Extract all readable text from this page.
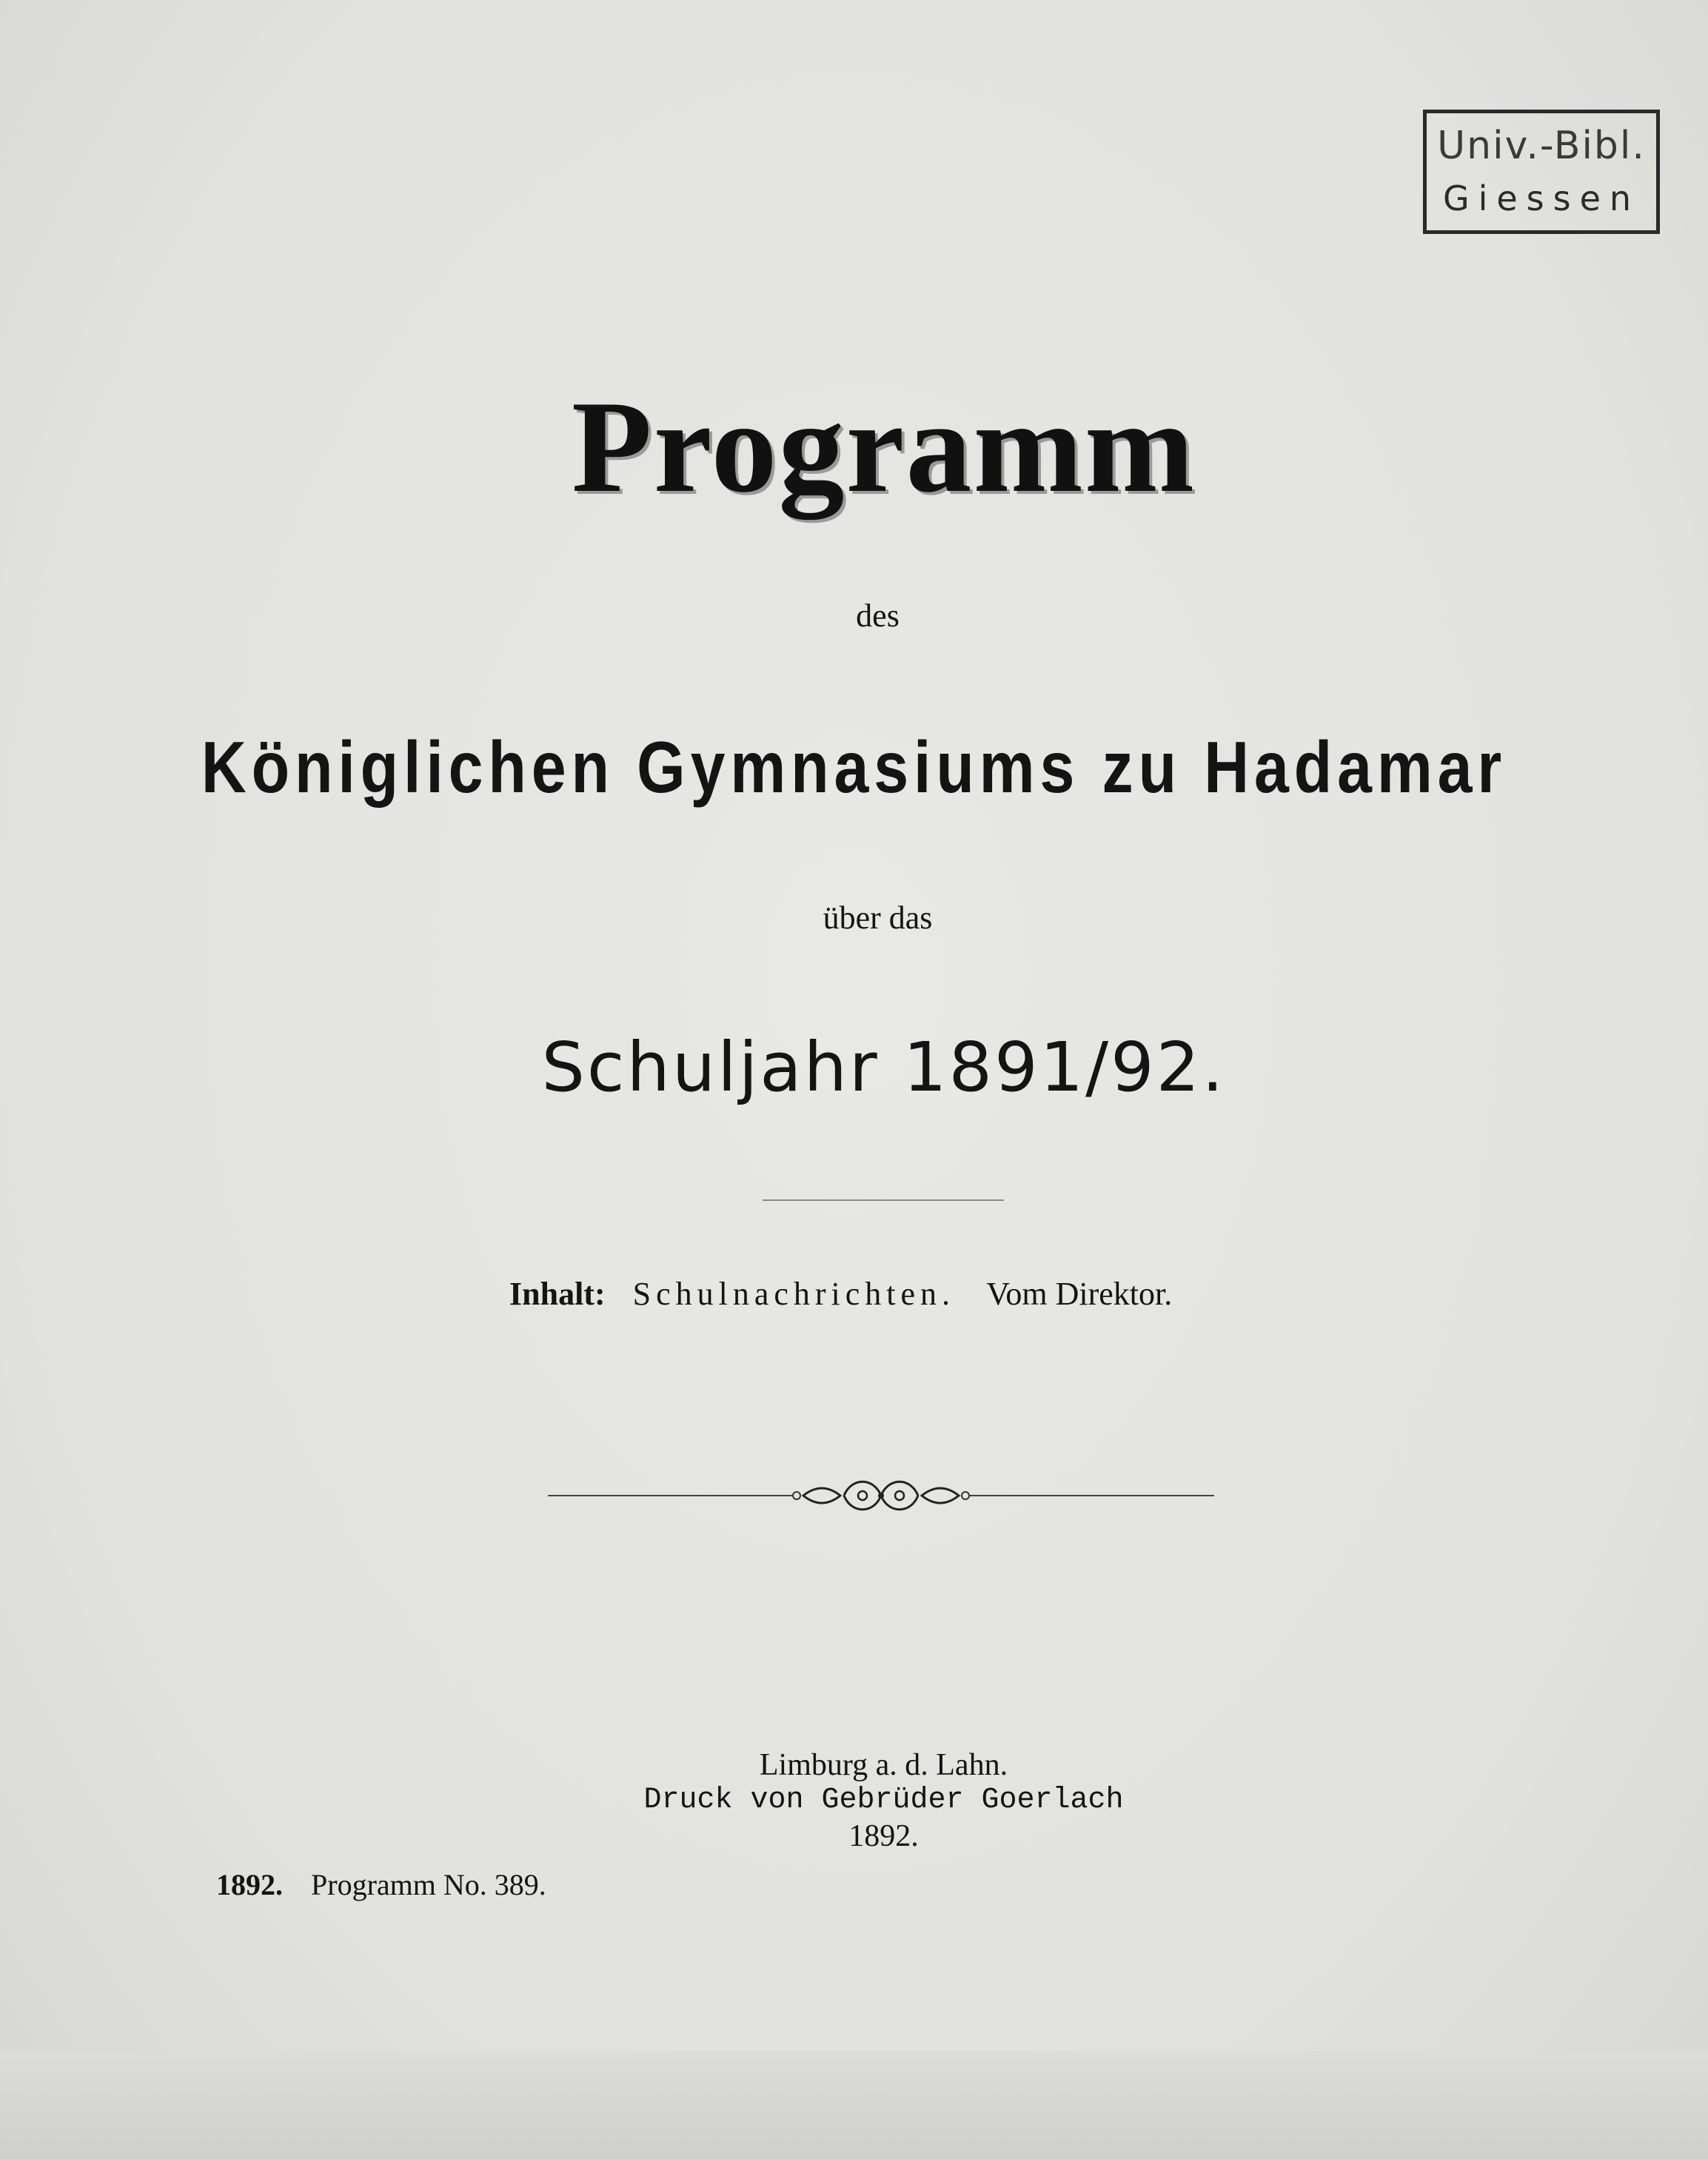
Univ.-Bibl.
Giessen
Programm
des
Königlichen Gymnasiums zu Hadamar
über das
Schuljahr 1891/92.
Inhalt: Schulnachrichten. Vom Direktor.
Limburg a. d. Lahn.
Druck von Gebrüder Goerlach
1892.
1892. Programm No. 389.
